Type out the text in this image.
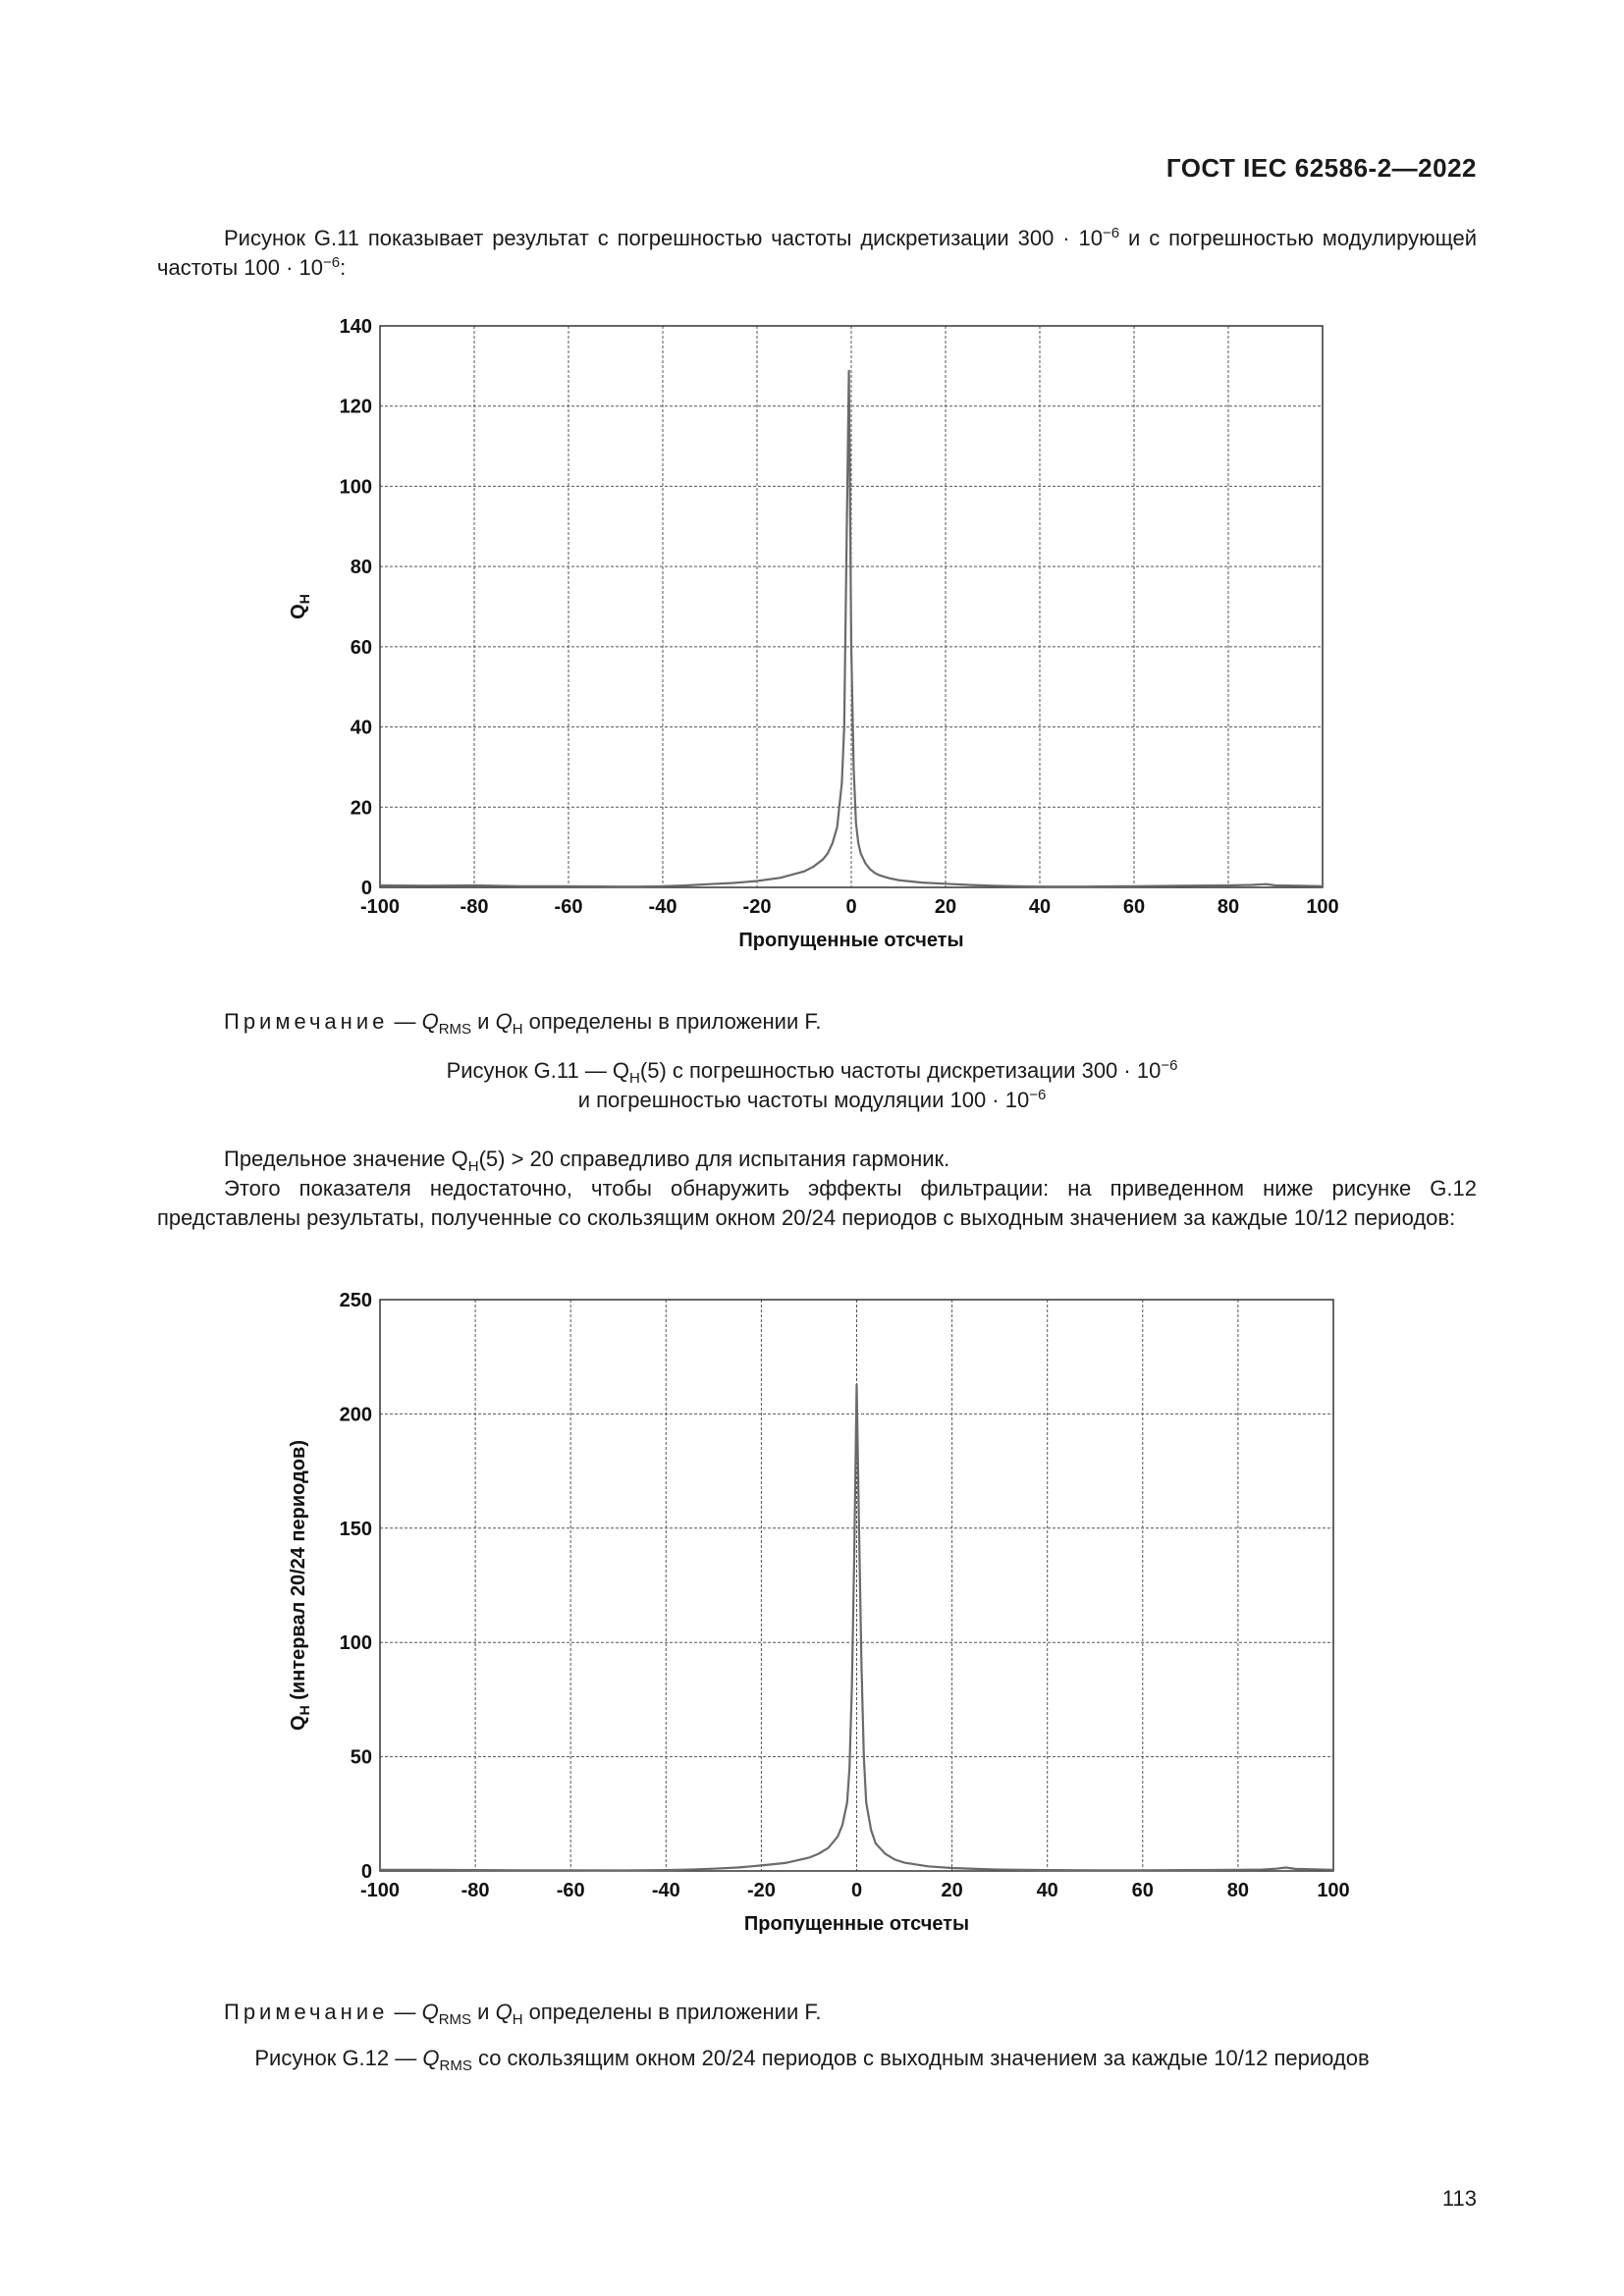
ГОСТ IEC 62586-2—2022

Рисунок G.11 показывает результат с погрешностью частоты дискретизации $300 \cdot 10^{-6}$ и с погрешностью модулирующей частоты $100 \cdot 10^{-6}$:

-100	-80	-60	-40	-20	0	20	40	60	80	100
0
20
40
60
80
100
120
140
Пропущенные отсчеты
$Q_H$
Примечание — $Q_{RMS}$ и $Q_H$ определены в приложении F.
Рисунок G.11 — $Q_H(5)$ с погрешностью частоты дискретизации $300 \cdot 10^{-6}$
и погрешностью частоты модуляции $100 \cdot 10^{-6}$

Предельное значение $Q_H(5) > 20$ справедливо для испытания гармоник.

Этого показателя недостаточно, чтобы обнаружить эффекты фильтрации: на приведенном ниже рисунке G.12 представлены результаты, полученные со скользящим окном 20/24 периодов с выходным значением за каждые 10/12 периодов:

-100	-80	-60	-40	-20	0	20	40	60	80	100
0
50
100
150
200
250
Пропущенные отсчеты
$Q_H$ (интервал 20/24 периодов)
Примечание — $Q_{RMS}$ и $Q_H$ определены в приложении F.
Рисунок G.12 — $Q_{RMS}$ со скользящим окном 20/24 периодов с выходным значением за каждые 10/12 периодов
113
